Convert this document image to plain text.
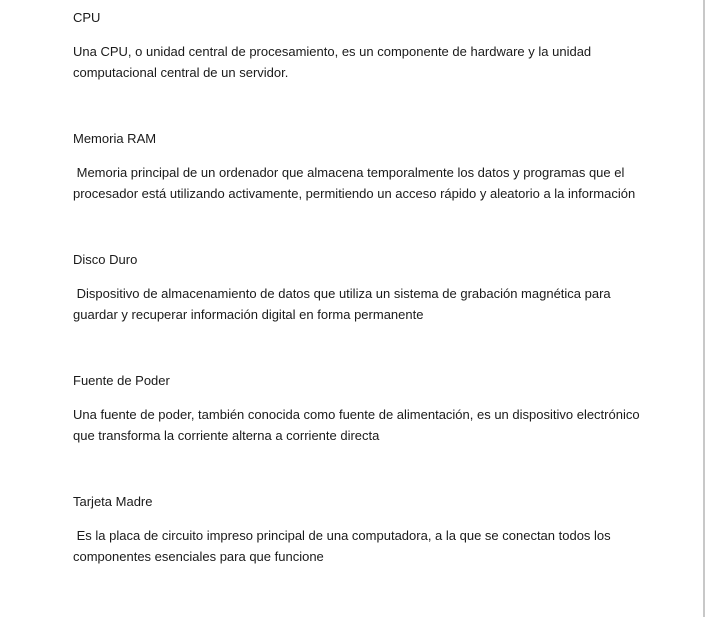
CPU

Una CPU, o unidad central de procesamiento, es un componente de hardware y la unidad computacional central de un servidor.

Memoria RAM

Memoria principal de un ordenador que almacena temporalmente los datos y programas que el procesador está utilizando activamente, permitiendo un acceso rápido y aleatorio a la información

Disco Duro

Dispositivo de almacenamiento de datos que utiliza un sistema de grabación magnética para guardar y recuperar información digital en forma permanente

Fuente de Poder

Una fuente de poder, también conocida como fuente de alimentación, es un dispositivo electrónico que transforma la corriente alterna a corriente directa

Tarjeta Madre

Es la placa de circuito impreso principal de una computadora, a la que se conectan todos los componentes esenciales para que funcione
